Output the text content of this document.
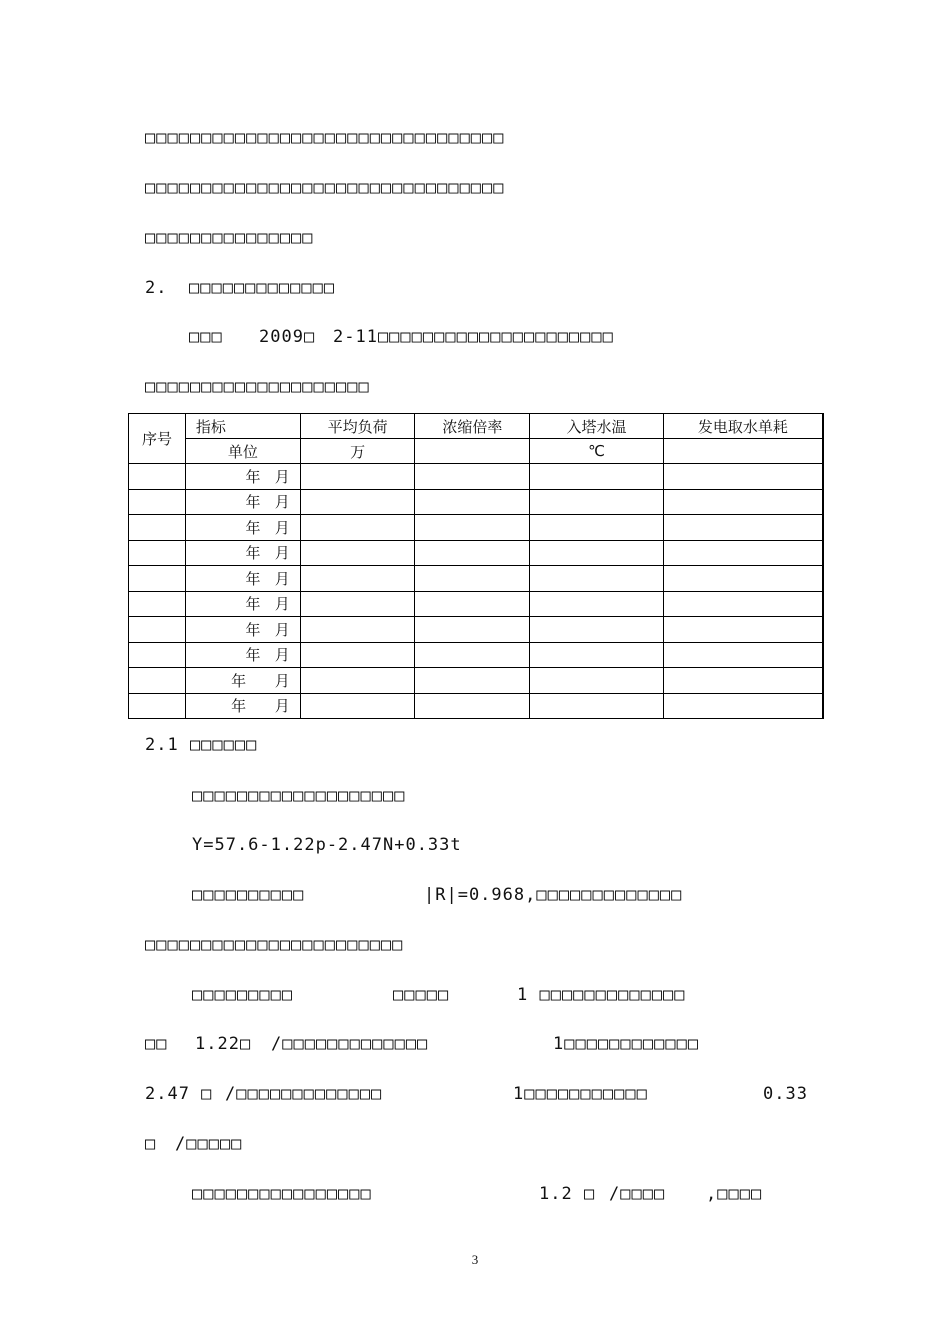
□□□□□□□□□□□□□□□□□□□□□□□□□□□□□□□□
□□□□□□□□□□□□□□□□□□□□□□□□□□□□□□□□
□□□□□□□□□□□□□□□
2. □□□□□□□□□□□□□
□□□ 2009□ 2-11□□□□□□□□□□□□□□□□□□□□□
□□□□□□□□□□□□□□□□□□□□
2.1 □□□□□□
□□□□□□□□□□□□□□□□□□□
Y=57.6-1.22p-2.47N+0.33t
□□□□□□□□□□	|R|=0.968,□□□□□□□□□□□□□
□□□□□□□□□□□□□□□□□□□□□□□
□□□□□□□□□	□□□□□	1 □□□□□□□□□□□□□
□□ 1.22□ /□□□□□□□□□□□□□	1□□□□□□□□□□□□
2.47 □ /□□□□□□□□□□□□□	1□□□□□□□□□□□	0.33
□ /□□□□□
□□□□□□□□□□□□□□□□	1.2 □ /□□□□ ,□□□□
序号	指标	平均负荷	浓缩倍率	入塔水温	发电取水单耗
	单位	万		℃	
	年   月				
	年   月				
	年   月				
	年   月				
	年   月				
	年   月				
	年   月				
	年   月				
	年      月				
	年      月				
3
